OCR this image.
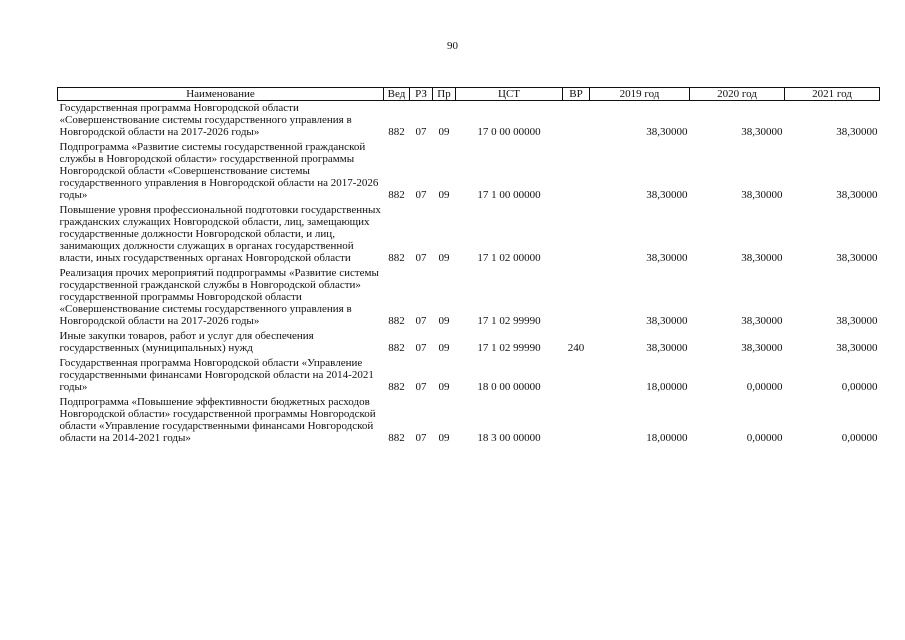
90
Наименование	Вед	РЗ	Пр	ЦСТ	ВР	2019 год	2020 год	2021 год
Государственная программа Новгородской области «Совершенствование системы государственного управления в Новгородской области на 2017-2026 годы»	882	07	09	17 0 00 00000		38,30000	38,30000	38,30000
Подпрограмма «Развитие системы государственной гражданской службы в Новгородской области» государственной программы Новгородской области «Совершенствование системы государственного управления в Новгородской области на 2017-2026 годы»	882	07	09	17 1 00 00000		38,30000	38,30000	38,30000
Повышение уровня профессиональной подготовки государственных гражданских служащих Новгородской области, лиц, замещающих государственные должности Новгородской области, и лиц, занимающих должности служащих в органах государственной власти, иных государственных органах Новгородской области	882	07	09	17 1 02 00000		38,30000	38,30000	38,30000
Реализация прочих мероприятий подпрограммы «Развитие системы государственной гражданской службы в Новгородской области» государственной программы Новгородской области «Совершенствование системы государственного управления в Новгородской области на 2017-2026 годы»	882	07	09	17 1 02 99990		38,30000	38,30000	38,30000
Иные закупки товаров, работ и услуг для обеспечения государственных (муниципальных) нужд	882	07	09	17 1 02 99990	240	38,30000	38,30000	38,30000
Государственная программа Новгородской области «Управление государственными финансами Новгородской области на 2014-2021 годы»	882	07	09	18 0 00 00000		18,00000	0,00000	0,00000
Подпрограмма «Повышение эффективности бюджетных расходов Новгородской области» государственной программы Новгородской области «Управление государственными финансами Новгородской области на 2014-2021 годы»	882	07	09	18 3 00 00000		18,00000	0,00000	0,00000
